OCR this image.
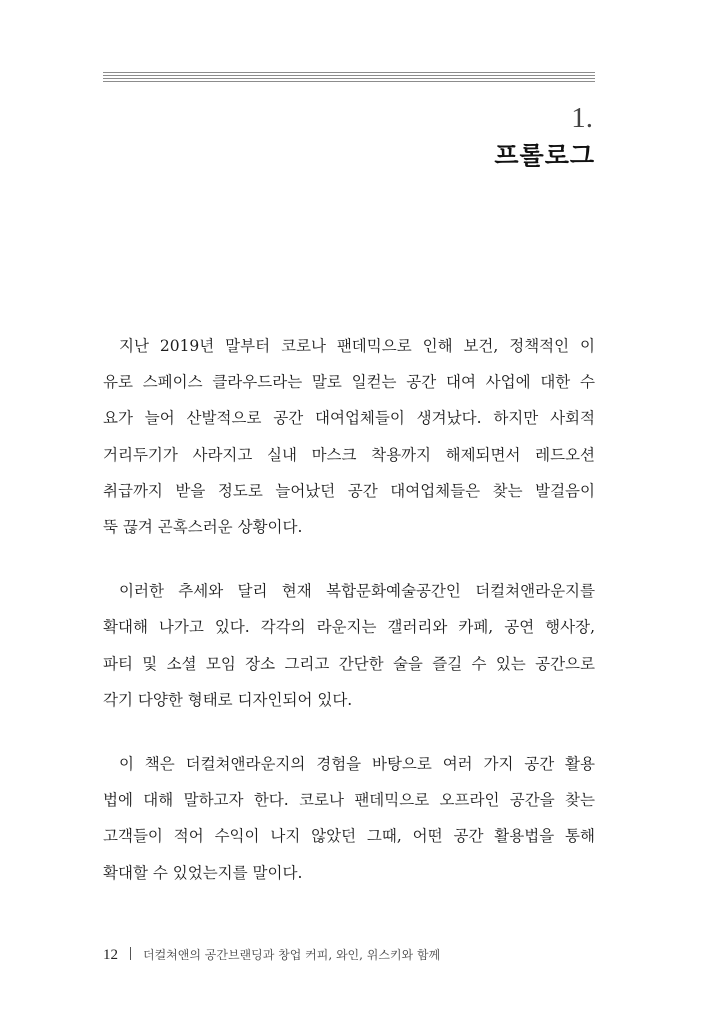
1.
프롤로그

지난 2019년 말부터 코로나 팬데믹으로 인해 보건, 정책적인 이
유로 스페이스 클라우드라는 말로 일컫는 공간 대여 사업에 대한 수
요가 늘어 산발적으로 공간 대여업체들이 생겨났다. 하지만 사회적
거리두기가 사라지고 실내 마스크 착용까지 해제되면서 레드오션
취급까지 받을 정도로 늘어났던 공간 대여업체들은 찾는 발걸음이
뚝 끊겨 곤혹스러운 상황이다.

이러한 추세와 달리 현재 복합문화예술공간인 더컬쳐앤라운지를
확대해 나가고 있다. 각각의 라운지는 갤러리와 카페, 공연 행사장,
파티 및 소셜 모임 장소 그리고 간단한 술을 즐길 수 있는 공간으로
각기 다양한 형태로 디자인되어 있다.

이 책은 더컬쳐앤라운지의 경험을 바탕으로 여러 가지 공간 활용
법에 대해 말하고자 한다. 코로나 팬데믹으로 오프라인 공간을 찾는
고객들이 적어 수익이 나지 않았던 그때, 어떤 공간 활용법을 통해
확대할 수 있었는지를 말이다.

12 더컬쳐앤의 공간브랜딩과 창업 커피, 와인, 위스키와 함께
